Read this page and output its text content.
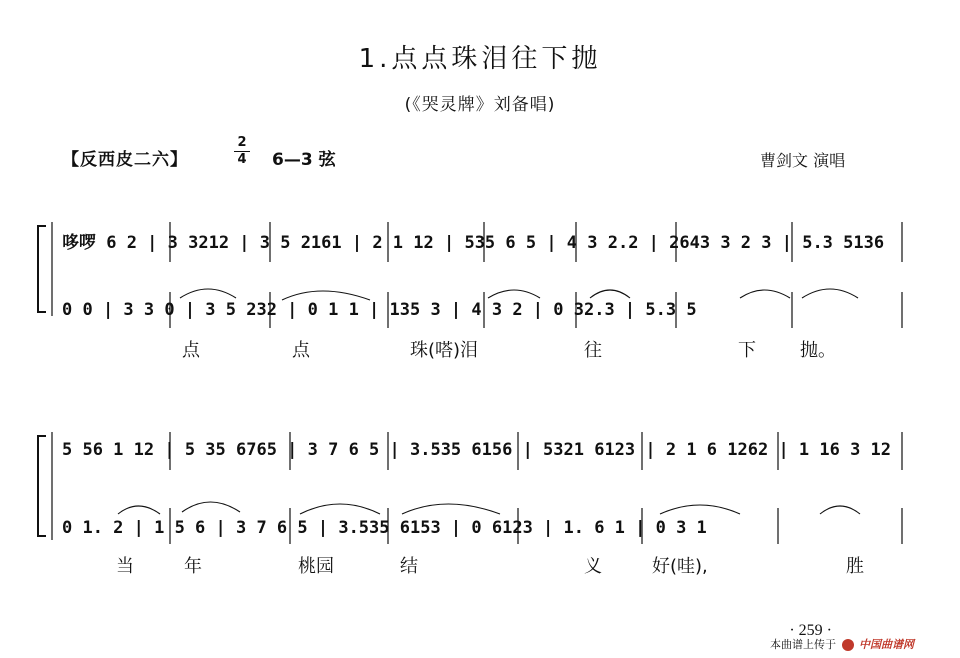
1.点点珠泪往下抛
(《哭灵牌》刘备唱)
【反西皮二六】
2
4	6—3 弦	曹剑文 演唱
哆啰 6 2 | 3 3212 | 3 5 2161 | 2 1 12 | 535 6 5 | 4 3 2.2 | 2643 3 2 3 | 5.3 5136
0 0 | 3 3 0 | 3 5 232 | 0 1 1 | 135 3 | 4 3 2 | 0 32.3 | 5.3 5
点	点	珠(嗒)泪	往	下 抛。
5 56 1 12 | 5 35 6765 | 3 7 6 5 | 3.535 6156 | 5321 6123 | 2 1 6 1262 | 1 16 3 12
0 1. 2 | 1 5 6 | 3 7 6 5 | 3.535 6153 | 0 6123 | 1. 6 1 | 0 3 1
当	年	桃园	结	义	好(哇),	胜
· 259 ·
本曲谱上传于 中国曲谱网
